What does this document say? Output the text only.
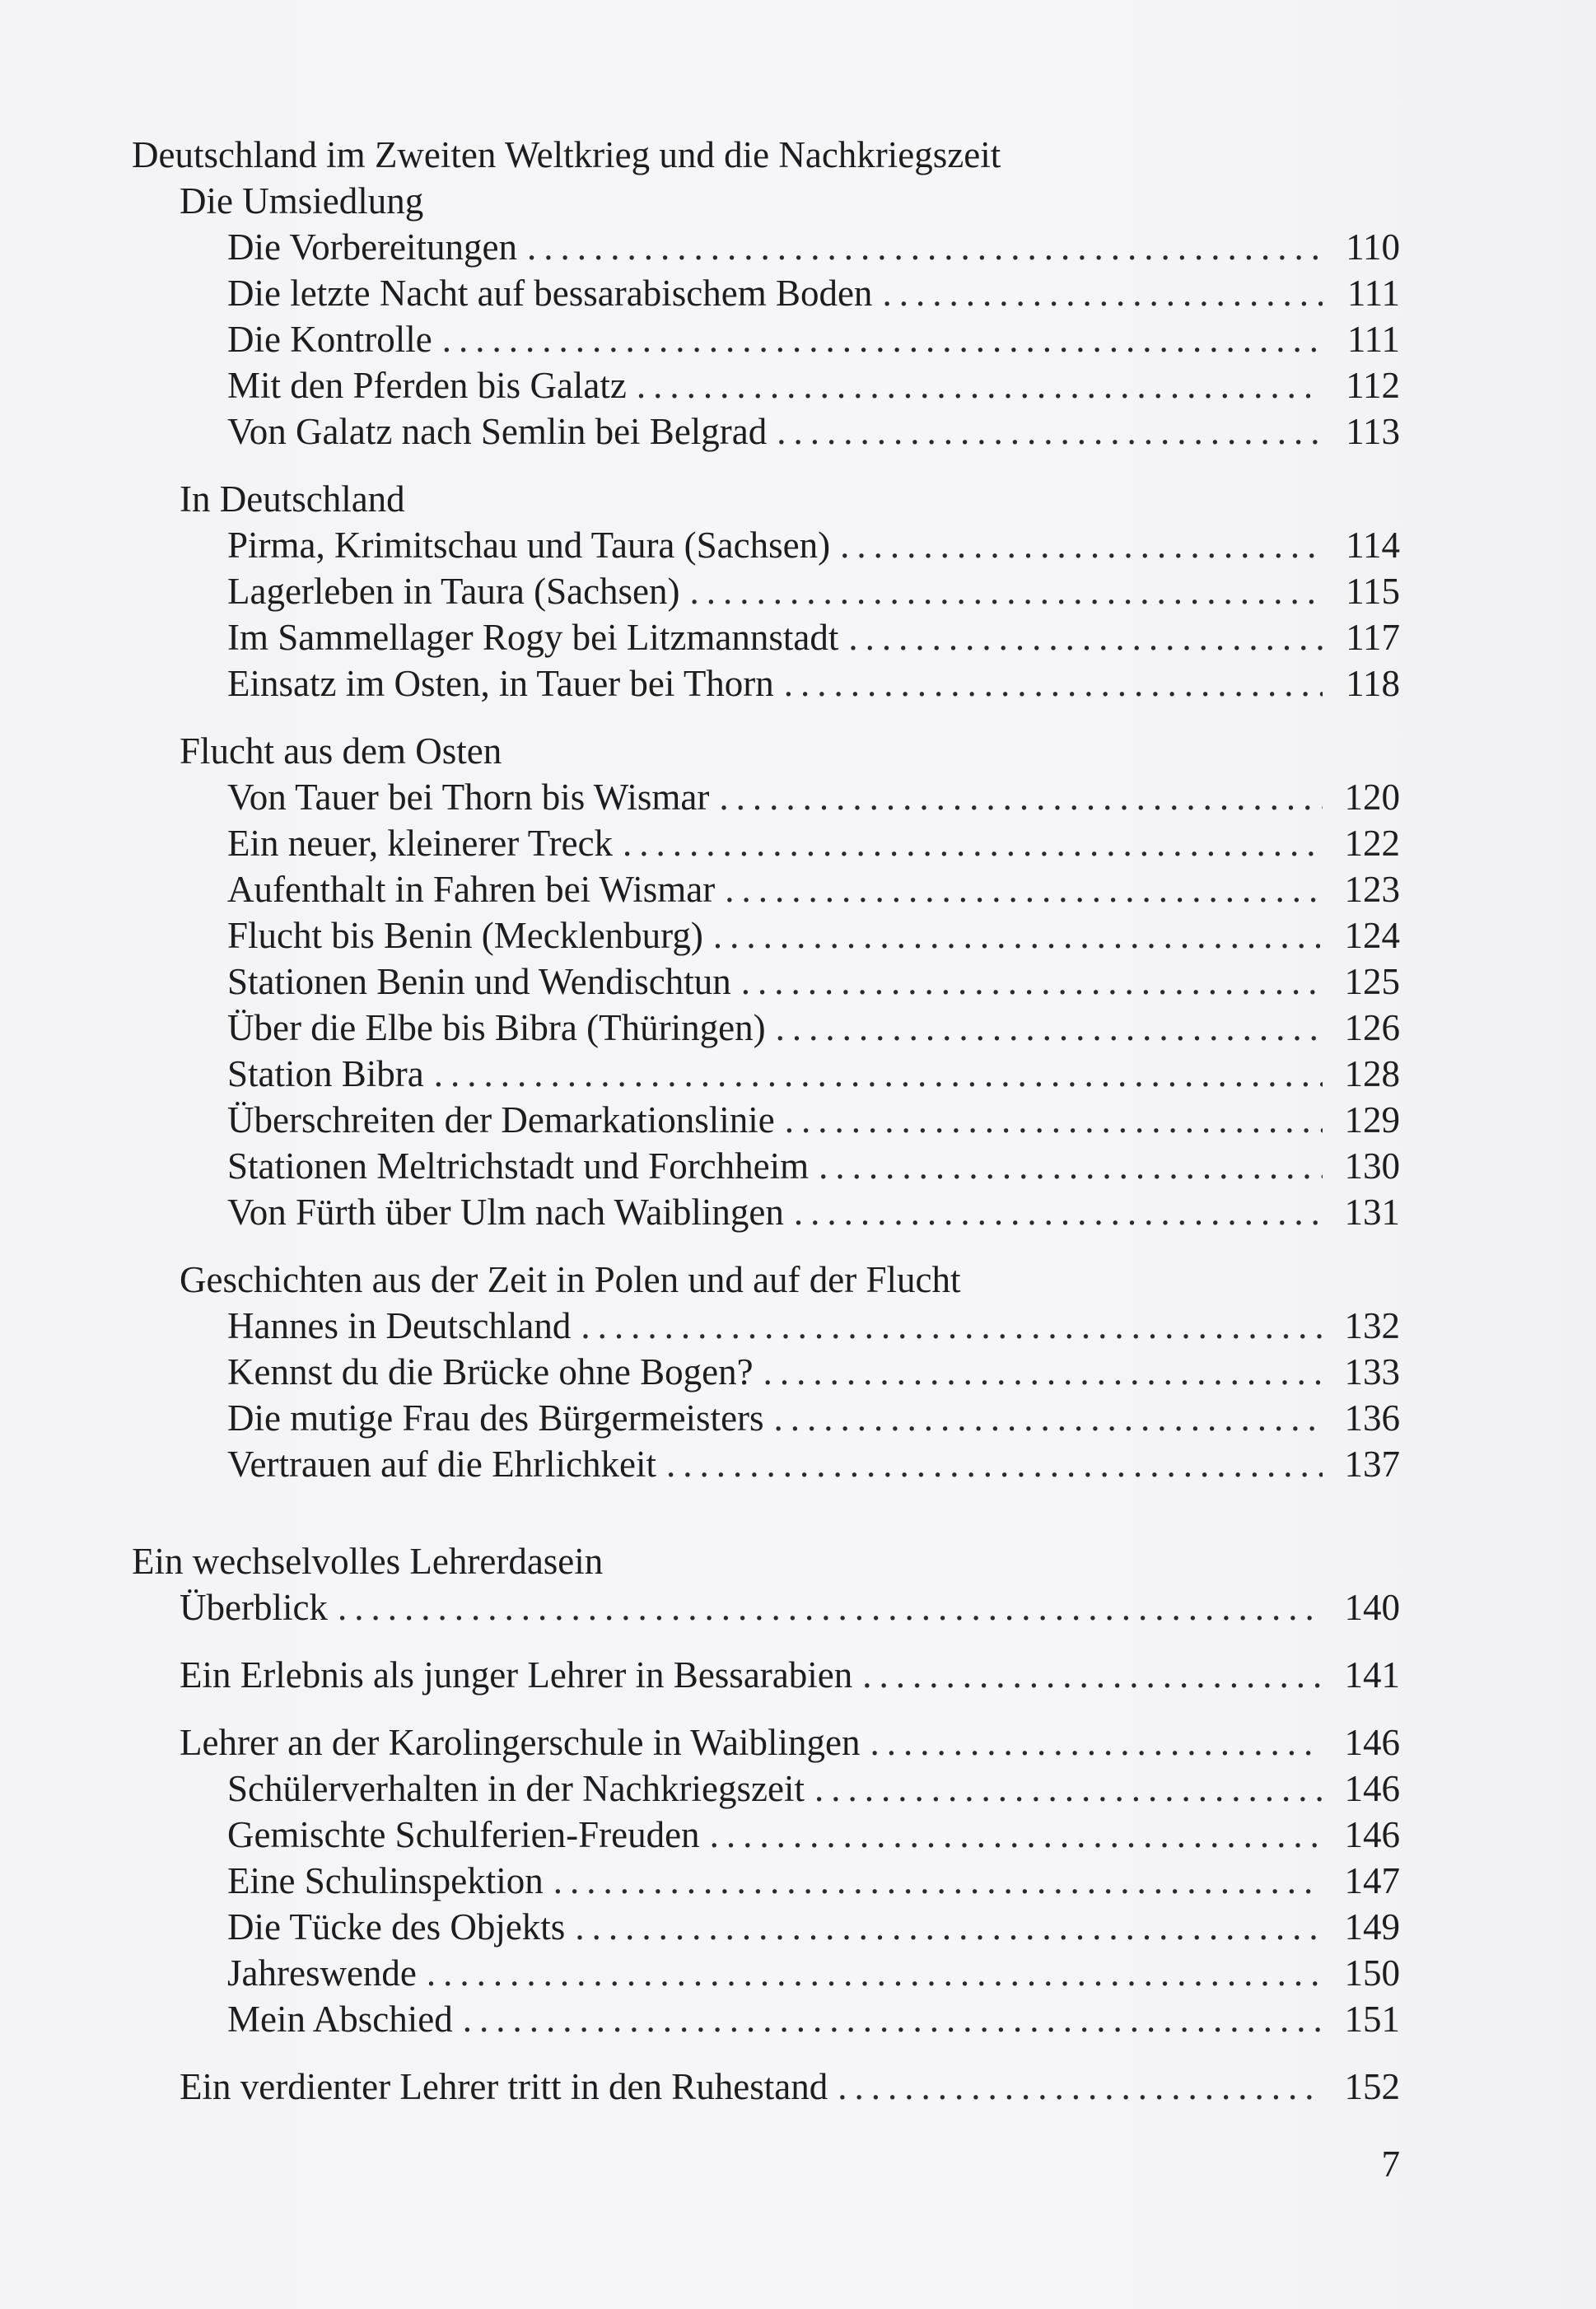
Deutschland im Zweiten Weltkrieg und die Nachkriegszeit
Die Umsiedlung
Die Vorbereitungen .....	110
Die letzte Nacht auf bessarabischem Boden .....	111
Die Kontrolle .....	111
Mit den Pferden bis Galatz .....	112
Von Galatz nach Semlin bei Belgrad .....	113
In Deutschland
Pirma, Krimitschau und Taura (Sachsen) .....	114
Lagerleben in Taura (Sachsen) .....	115
Im Sammellager Rogy bei Litzmannstadt .....	117
Einsatz im Osten, in Tauer bei Thorn .....	118
Flucht aus dem Osten
Von Tauer bei Thorn bis Wismar .....	120
Ein neuer, kleinerer Treck .....	122
Aufenthalt in Fahren bei Wismar .....	123
Flucht bis Benin (Mecklenburg) .....	124
Stationen Benin und Wendischtun .....	125
Über die Elbe bis Bibra (Thüringen) .....	126
Station Bibra .....	128
Überschreiten der Demarkationslinie .....	129
Stationen Meltrichstadt und Forchheim .....	130
Von Fürth über Ulm nach Waiblingen .....	131
Geschichten aus der Zeit in Polen und auf der Flucht
Hannes in Deutschland .....	132
Kennst du die Brücke ohne Bogen? .....	133
Die mutige Frau des Bürgermeisters .....	136
Vertrauen auf die Ehrlichkeit .....	137
Ein wechselvolles Lehrerdasein
Überblick .....	140
Ein Erlebnis als junger Lehrer in Bessarabien .....	141
Lehrer an der Karolingerschule in Waiblingen .....	146
Schülerverhalten in der Nachkriegszeit .....	146
Gemischte Schulferien-Freuden .....	146
Eine Schulinspektion .....	147
Die Tücke des Objekts .....	149
Jahreswende .....	150
Mein Abschied .....	151
Ein verdienter Lehrer tritt in den Ruhestand .....	152
7
